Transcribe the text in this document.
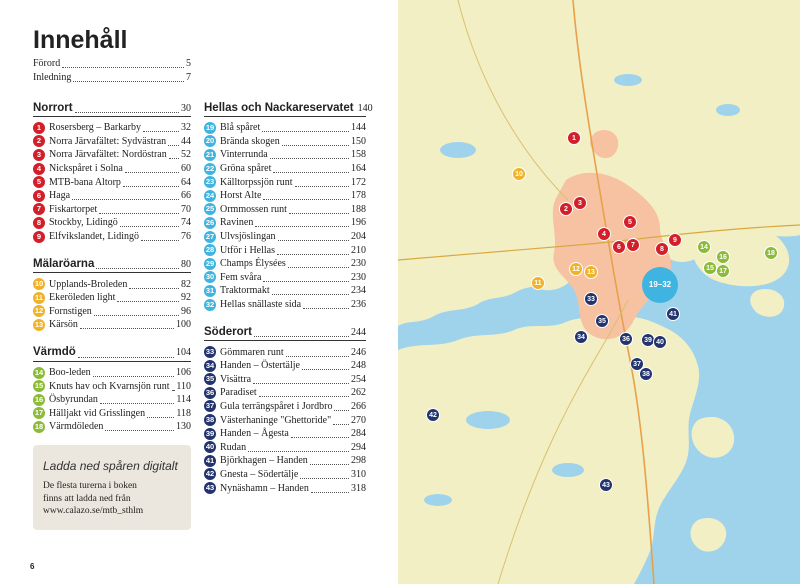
Innehåll
Förord	5
Inledning	7
Norrort	30
1 Rosersberg – Barkarby	32
2 Norra Järvafältet: Sydvästran 44
3 Norra Järvafältet: Nordöstran 52
4 Nickspåret i Solna	60
5 MTB-bana Altorp	64
6 Haga	66
7 Fiskartorpet	70
8 Stockby, Lidingö	74
9 Elfvikslandet, Lidingö	76
Mälaröarna	80
10 Upplands-Broleden	82
11 Ekeröleden light	92
12 Fornstigen	96
13 Kärsön	100
Värmdö	104
14 Boo-leden	106
15 Knuts hav och Kvarnsjön runt 110
16 Ösbyrundan	114
17 Hälljakt vid Grisslingen	118
18 Värmdöleden	130
Hellas och Nackareservatet 140
19 Blå spåret	144
20 Brända skogen	150
21 Vinterrunda	158
22 Gröna spåret	164
23 Källtorpssjön runt	172
24 Horst Alte	178
25 Ormmossen runt	188
26 Ravinen	196
27 Ulvsjöslingan	204
28 Utför i Hellas	210
29 Champs Élysées	230
30 Fem svåra	230
31 Traktormakt	234
32 Hellas snällaste sida	236
Söderort	244
33 Gömmaren runt	246
34 Handen – Östertälje	248
35 Visättra	254
36 Paradiset	262
37 Gula terrängspåret i Jordbro 266
38 Västerhaninge "Ghettoride" 270
39 Handen – Ågesta	284
40 Rudan	294
41 Björkhagen – Handen	298
42 Gnesta – Södertälje	310
43 Nynäshamn – Handen	318
Ladda ned spåren digitalt
De flesta turerna i boken
finns att ladda ned från
www.calazo.se/mtb_sthlm
6
1
2
3
4
5
6	7
8
9
10
11
12	13
14
15
16
17
18
19–32
33
34
35
36
37
38
39 40
41
42
43
